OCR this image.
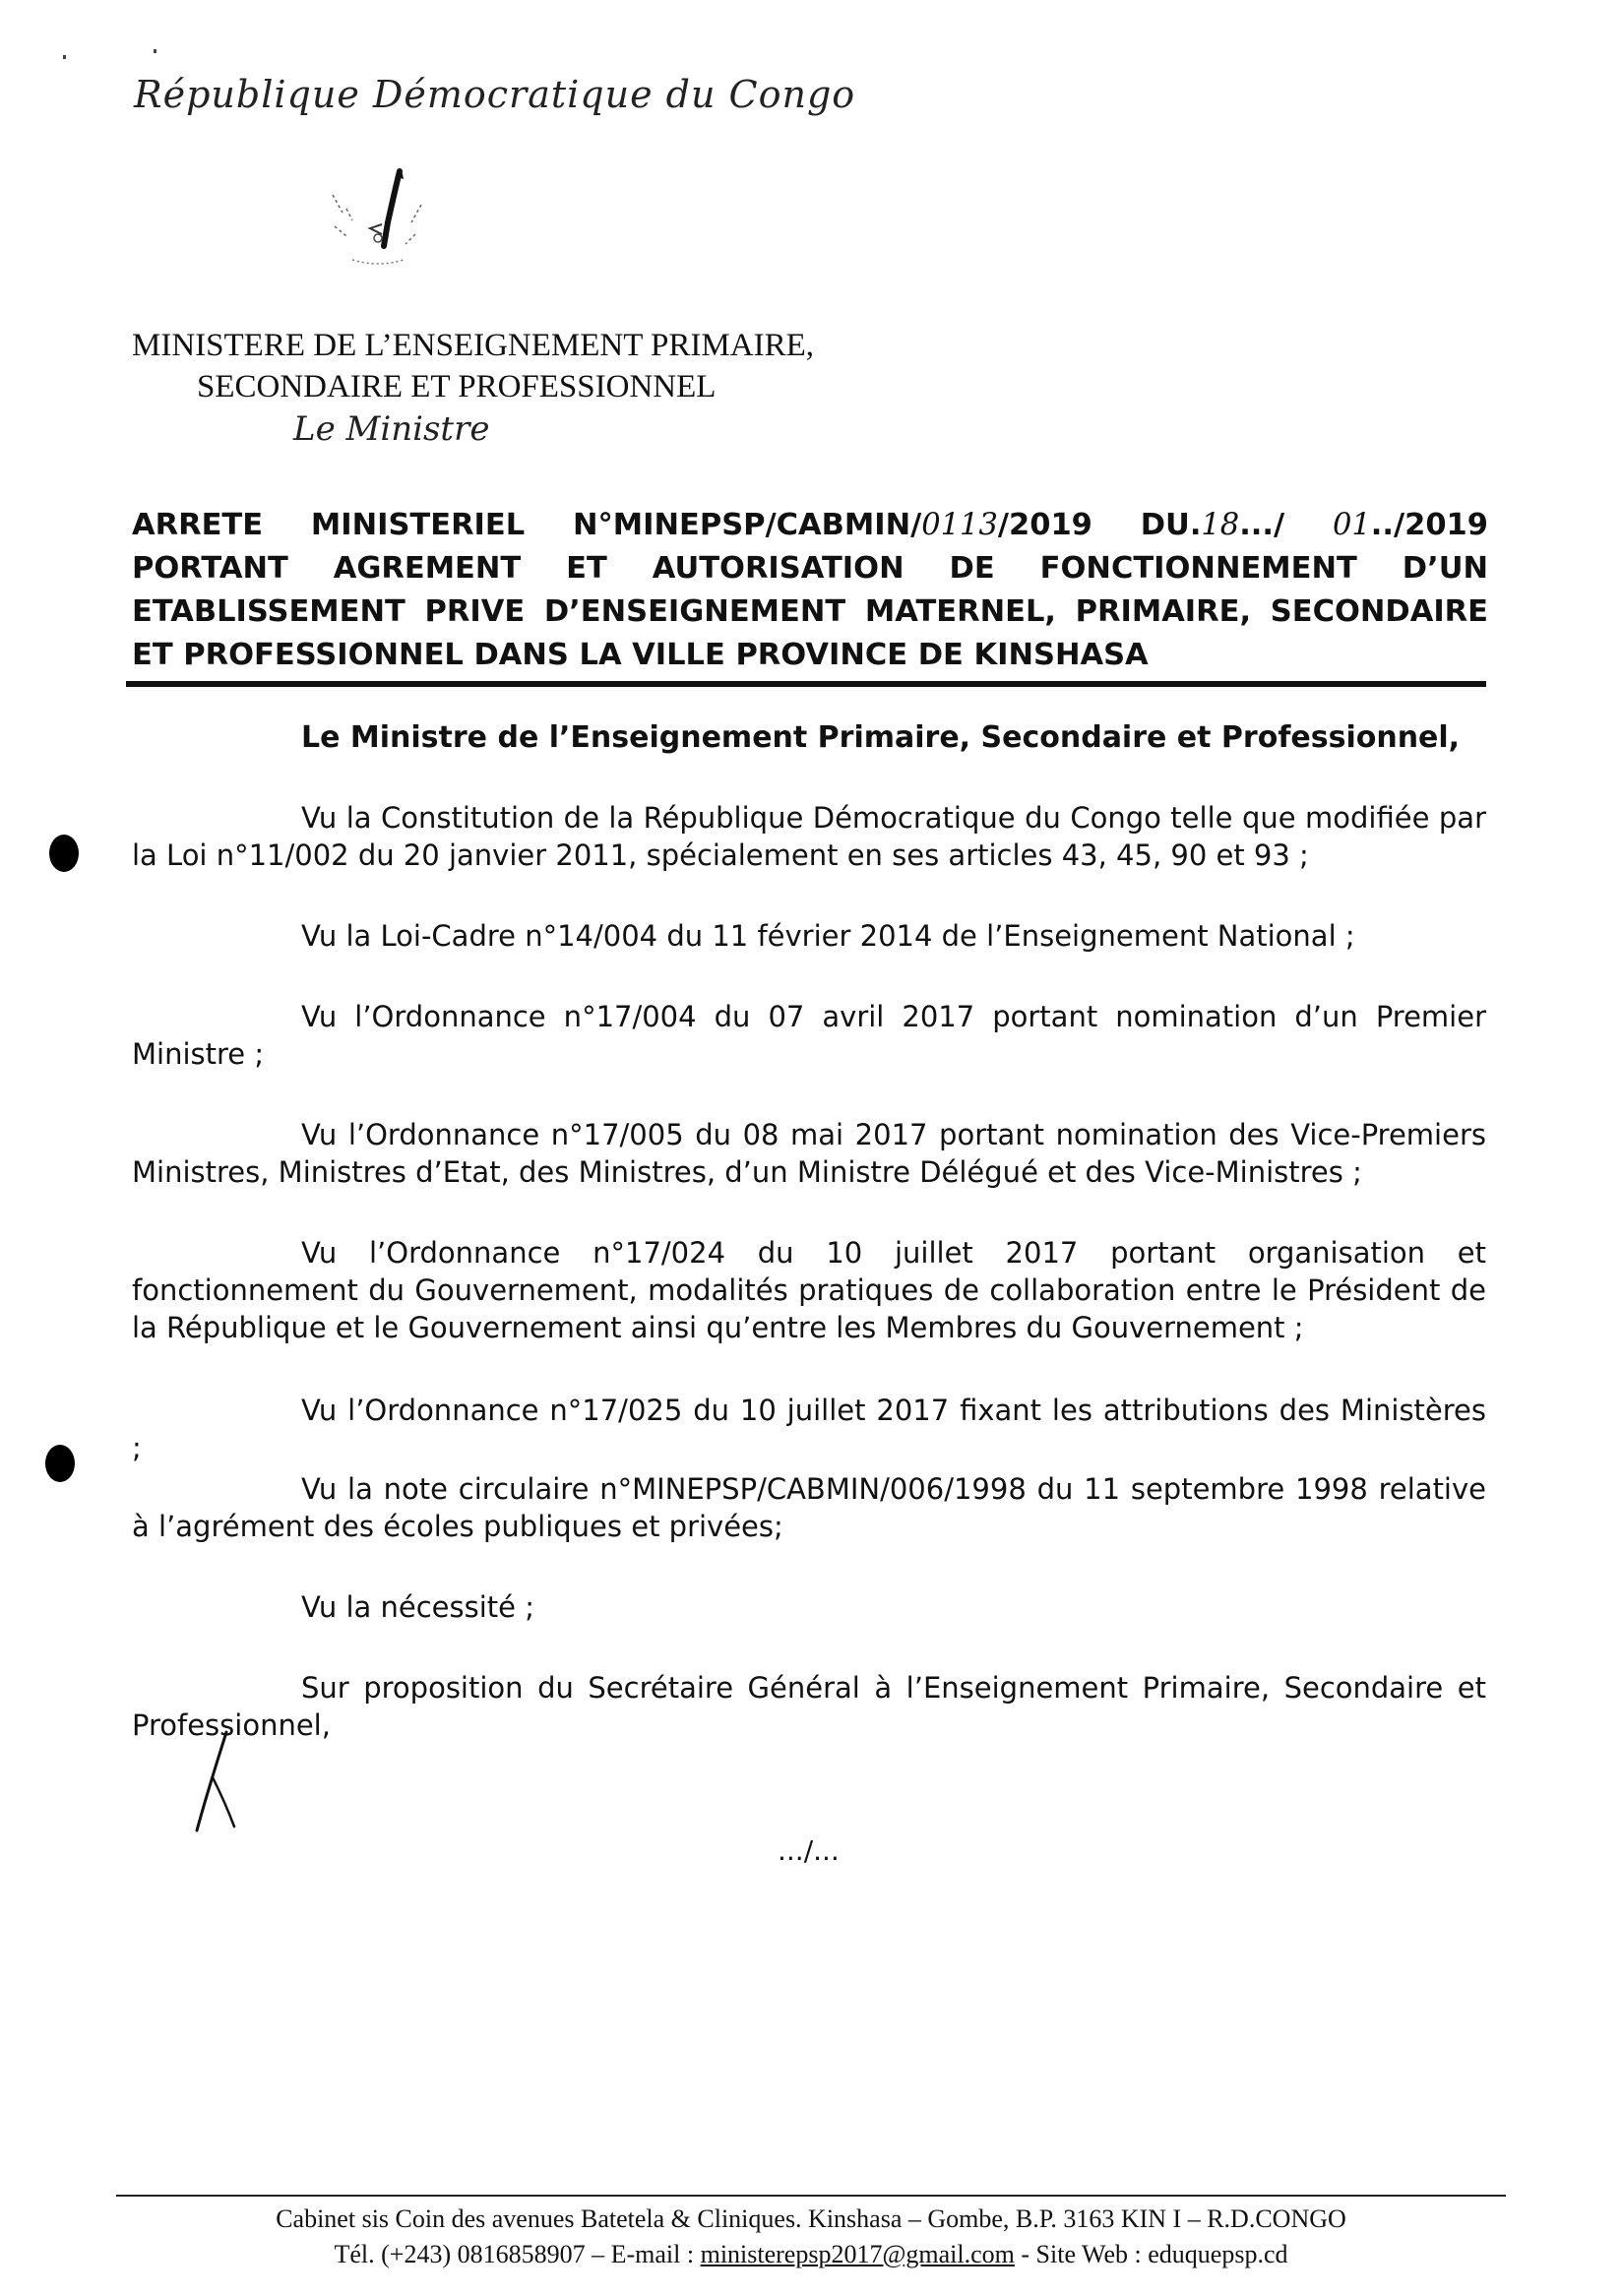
République Démocratique du Congo
MINISTERE DE L’ENSEIGNEMENT PRIMAIRE,
SECONDAIRE ET PROFESSIONNEL
Le Ministre
ARRETE MINISTERIEL N°MINEPSP/CABMIN/0113/2019 DU.18.../ 01../2019
PORTANT AGREMENT ET AUTORISATION DE FONCTIONNEMENT D’UN
ETABLISSEMENT PRIVE D’ENSEIGNEMENT MATERNEL, PRIMAIRE, SECONDAIRE
ET PROFESSIONNEL DANS LA VILLE PROVINCE DE KINSHASA
Le Ministre de l’Enseignement Primaire, Secondaire et Professionnel,
Vu la Constitution de la République Démocratique du Congo telle que modifiée par
la Loi n°11/002 du 20 janvier 2011, spécialement en ses articles 43, 45, 90 et 93 ;
Vu la Loi-Cadre n°14/004 du 11 février 2014 de l’Enseignement National ;
Vu l’Ordonnance n°17/004 du 07 avril 2017 portant nomination d’un Premier
Ministre ;
Vu l’Ordonnance n°17/005 du 08 mai 2017 portant nomination des Vice-Premiers
Ministres, Ministres d’Etat, des Ministres, d’un Ministre Délégué et des Vice-Ministres ;
Vu l’Ordonnance n°17/024 du 10 juillet 2017 portant organisation et
fonctionnement du Gouvernement, modalités pratiques de collaboration entre le Président de la République et le Gouvernement ainsi qu’entre les Membres du Gouvernement ;
Vu l’Ordonnance n°17/025 du 10 juillet 2017 fixant les attributions des Ministères ;
Vu la note circulaire n°MINEPSP/CABMIN/006/1998 du 11 septembre 1998 relative
à l’agrément des écoles publiques et privées;
Vu la nécessité ;
Sur proposition du Secrétaire Général à l’Enseignement Primaire, Secondaire et
Professionnel,
.../...
Cabinet sis Coin des avenues Batetela & Cliniques. Kinshasa – Gombe, B.P. 3163 KIN I – R.D.CONGO
Tél. (+243) 0816858907 – E-mail : ministerepsp2017@gmail.com - Site Web : eduquepsp.cd
